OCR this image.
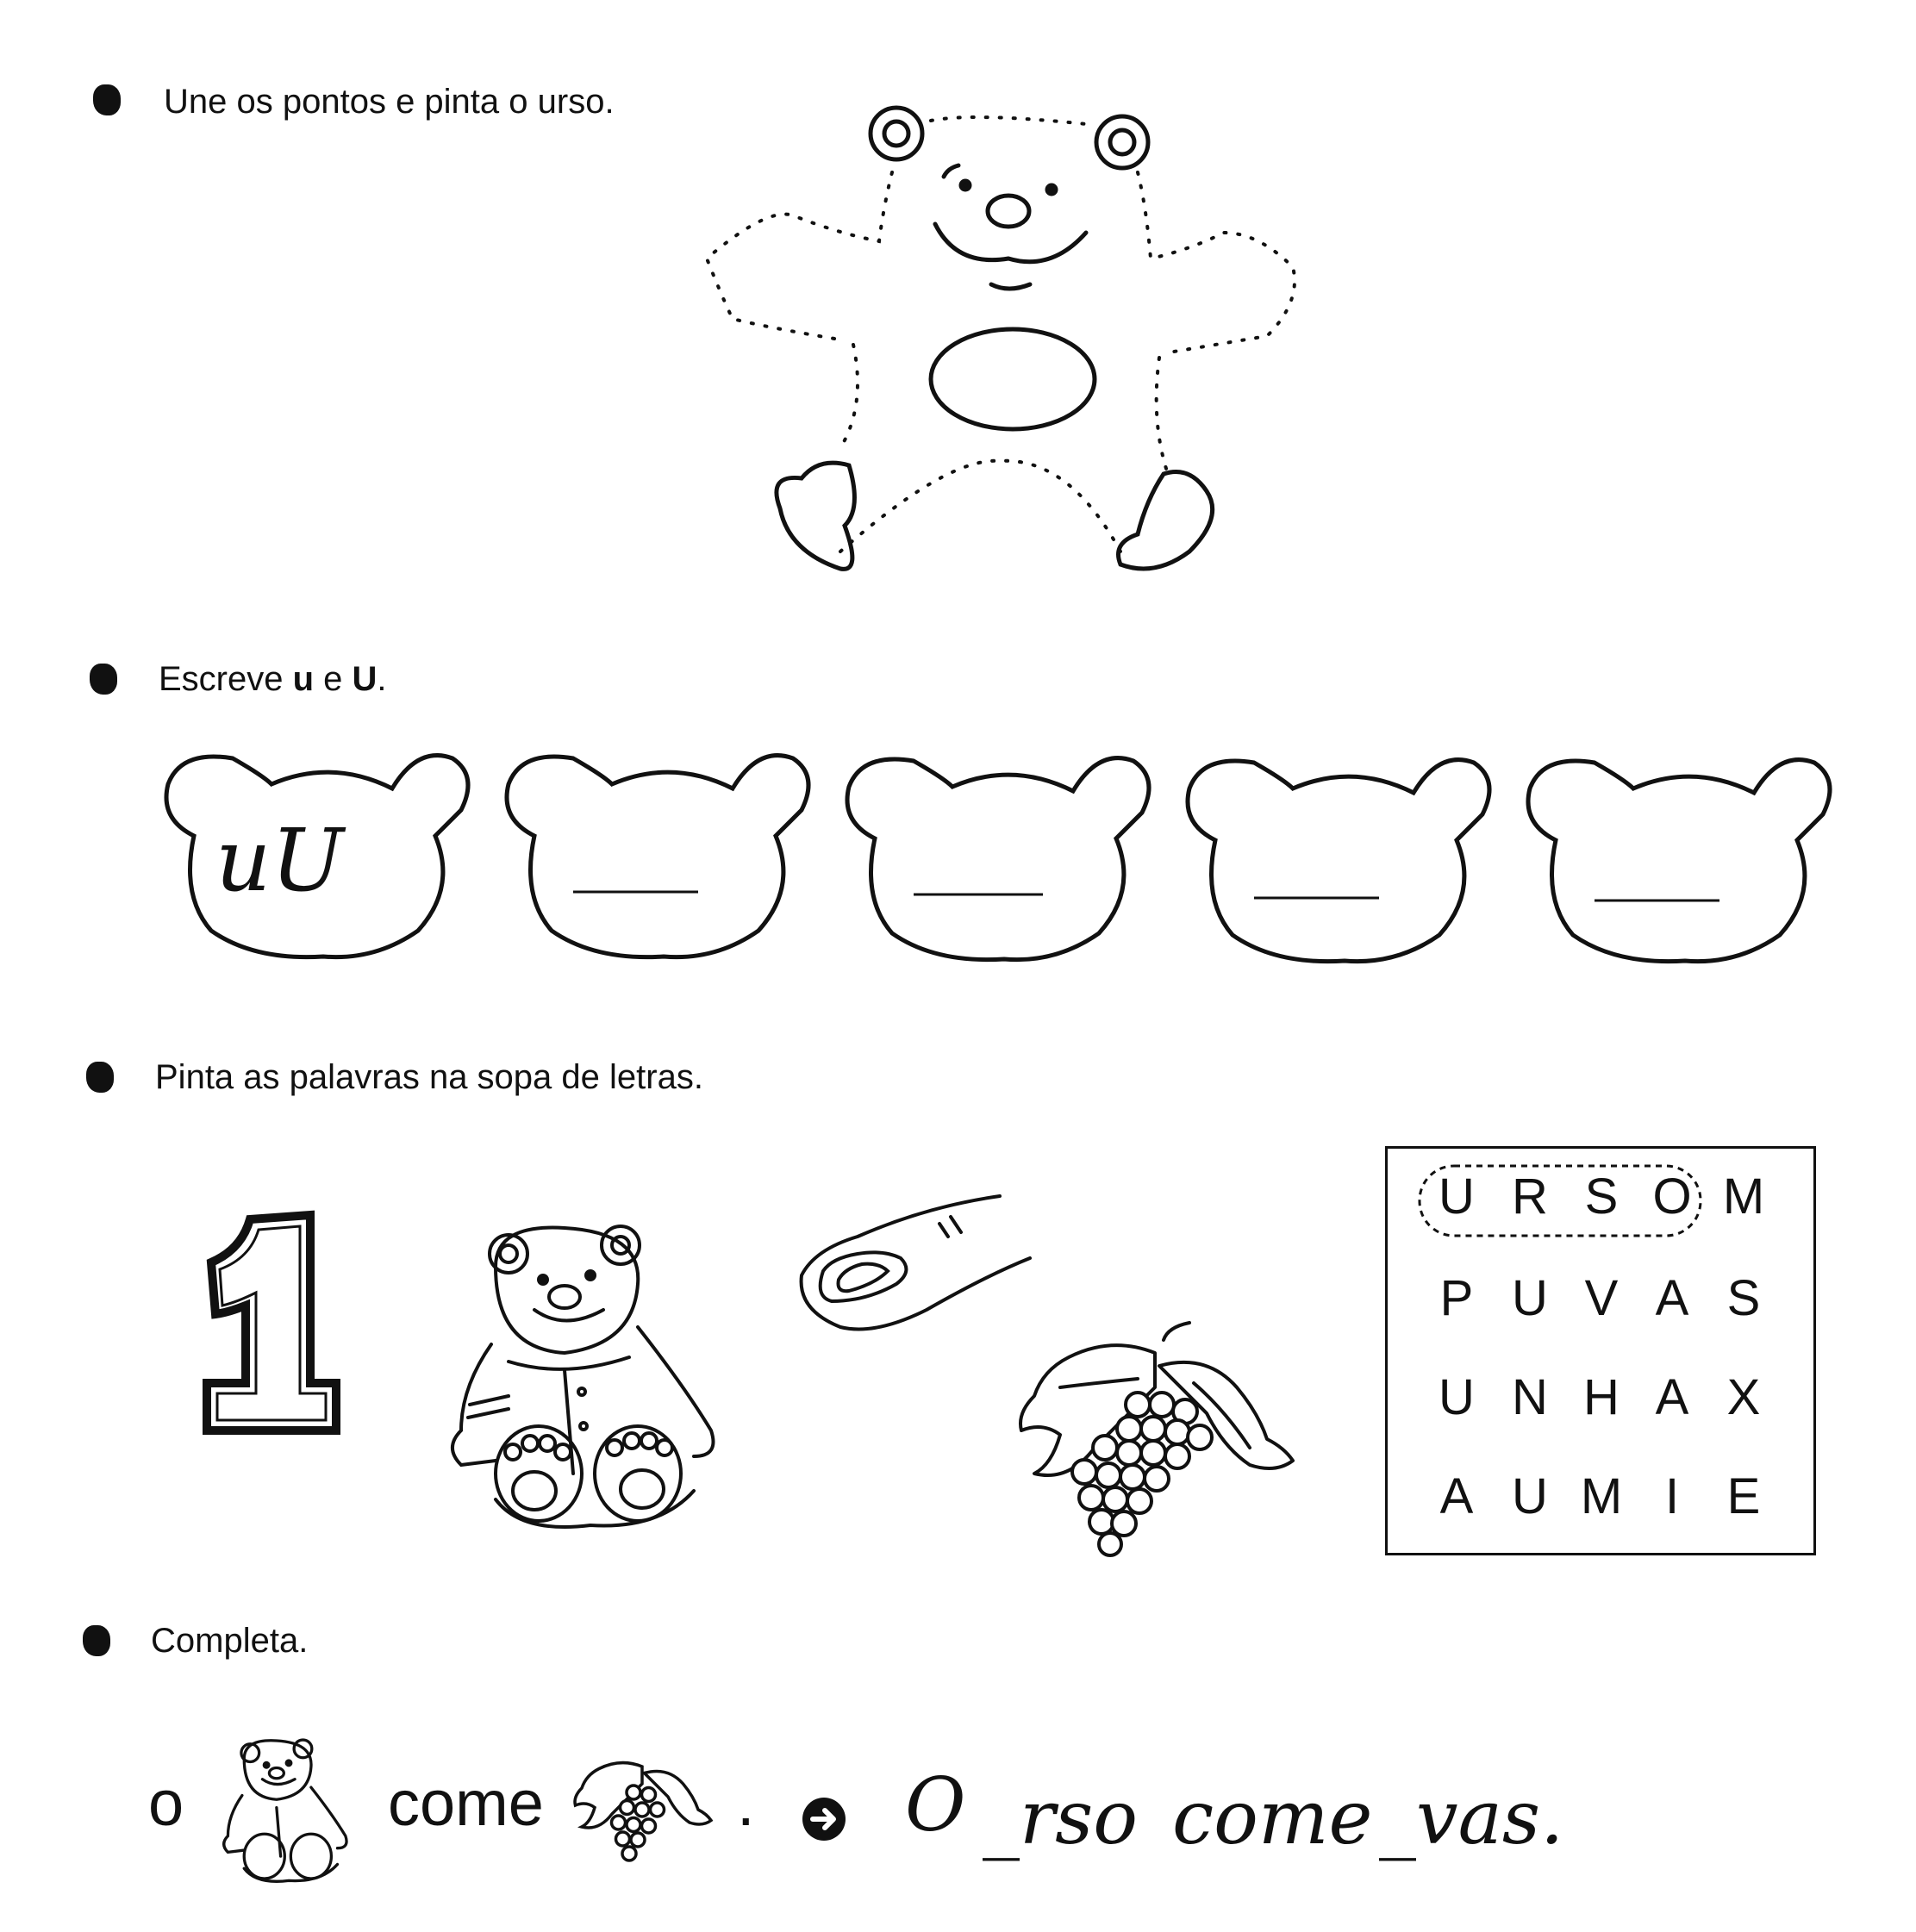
Une os pontos e pinta o urso.
Escreve u e U.
uU
Pinta as palavras na sopa de letras.
U R S O M
P U V A S
U N H A X
A U M I E
Completa.
o	come	. O _rso come _vas.
